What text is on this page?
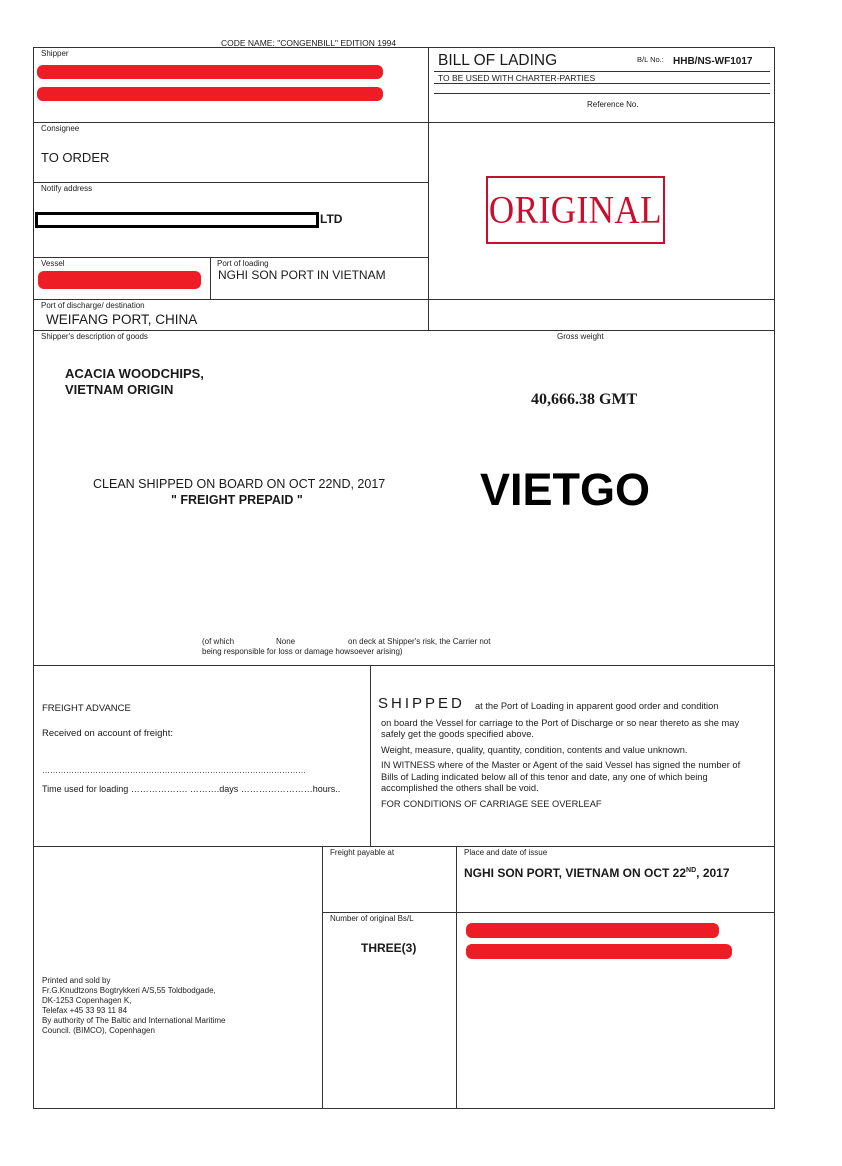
CODE NAME: "CONGENBILL" EDITION 1994
BILL OF LADING	B/L No.: HHB/NS-WF1017
TO BE USED WITH CHARTER-PARTIES
Reference No.
Shipper
Consignee
TO ORDER
Notify address
LTD	ORIGINAL
Vessel	Port of loading
NGHI SON PORT IN VIETNAM
Port of discharge/ destination
WEIFANG PORT, CHINA
Shipper's description of goods	Gross weight
ACACIA WOODCHIPS,
VIETNAM ORIGIN
40,666.38 GMT
CLEAN SHIPPED ON BOARD ON OCT 22ND, 2017
" FREIGHT PREPAID "	VIETGO
(of which	None	on deck at Shipper's risk, the Carrier not
being responsible for loss or damage howsoever arising)
FREIGHT ADVANCE
Received on account of freight:
………………………………………………………………………………………
Time used for loading ………………. ……….days ……………………hours..
SHIPPED at the Port of Loading in apparent good order and condition
on board the Vessel for carriage to the Port of Discharge or so near thereto as she may
safely get the goods specified above.
Weight, measure, quality, quantity, condition, contents and value unknown.
IN WITNESS where of the Master or Agent of the said Vessel has signed the number of
Bills of Lading indicated below all of this tenor and date, any one of which being
accomplished the others shall be void.
FOR CONDITIONS OF CARRIAGE SEE OVERLEAF
Freight payable at	Place and date of issue
NGHI SON PORT, VIETNAM ON OCT 22ND, 2017
Number of original Bs/L
THREE(3)
Printed and sold by
Fr.G.Knudtzons Bogtrykkeri A/S,55 Toldbodgade,
DK-1253 Copenhagen K,
Telefax +45 33 93 11 84
By authority of The Baltic and International Maritime
Council. (BIMCO), Copenhagen
